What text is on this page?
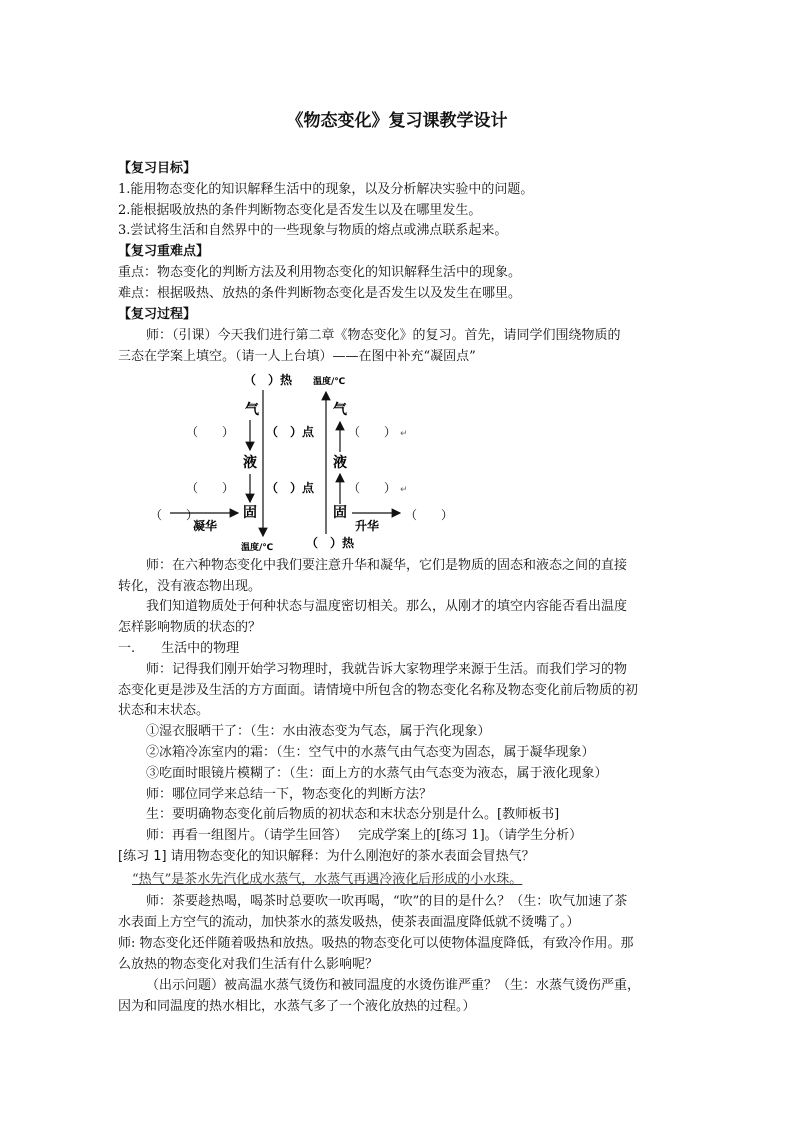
《物态变化》复习课教学设计
【复习目标】
1.能用物态变化的知识解释生活中的现象，以及分析解决实验中的问题。
2.能根据吸放热的条件判断物态变化是否发生以及在哪里发生。
3.尝试将生活和自然界中的一些现象与物质的熔点或沸点联系起来。
【复习重难点】
重点：物态变化的判断方法及利用物态变化的知识解释生活中的现象。
难点：根据吸热、放热的条件判断物态变化是否发生以及发生在哪里。
【复习过程】
师：（引课）今天我们进行第二章《物态变化》的复习。首先，请同学们围绕物质的
三态在学案上填空。（请一人上台填）——在图中补充“凝固点”
（　）热
温度/℃
气
（　　）	（　）点
液
（　　）	（　）点
固
（　　）
凝华
温度/℃
（　）热
气
（　　） ↵
液
（　　） ↵
固	（　　）
升华
师：在六种物态变化中我们要注意升华和凝华，它们是物质的固态和液态之间的直接
转化，没有液态物出现。
我们知道物质处于何种状态与温度密切相关。那么，从刚才的填空内容能否看出温度
怎样影响物质的状态的？
一.　　生活中的物理
师：记得我们刚开始学习物理时，我就告诉大家物理学来源于生活。而我们学习的物
态变化更是涉及生活的方方面面。请情境中所包含的物态变化名称及物态变化前后物质的初
状态和末状态。
①湿衣服晒干了：（生：水由液态变为气态，属于汽化现象）
②冰箱冷冻室内的霜：（生：空气中的水蒸气由气态变为固态，属于凝华现象）
③吃面时眼镜片模糊了：（生：面上方的水蒸气由气态变为液态，属于液化现象）
师：哪位同学来总结一下，物态变化的判断方法？
生：要明确物态变化前后物质的初状态和末状态分别是什么。[教师板书]
师：再看一组图片。（请学生回答）　 完成学案上的[练习 1]。（请学生分析）
[练习 1] 请用物态变化的知识解释：为什么刚泡好的茶水表面会冒热气？
“热气”是茶水先汽化成水蒸气，水蒸气再遇冷液化后形成的小水珠。
师：茶要趁热喝，喝茶时总要吹一吹再喝，“吹”的目的是什么？（生：吹气加速了茶
水表面上方空气的流动，加快茶水的蒸发吸热，使茶表面温度降低就不烫嘴了。）
师: 物态变化还伴随着吸热和放热。吸热的物态变化可以使物体温度降低，有致冷作用。那
么放热的物态变化对我们生活有什么影响呢？
（出示问题）被高温水蒸气烫伤和被同温度的水烫伤谁严重？（生：水蒸气烫伤严重，
因为和同温度的热水相比，水蒸气多了一个液化放热的过程。）
